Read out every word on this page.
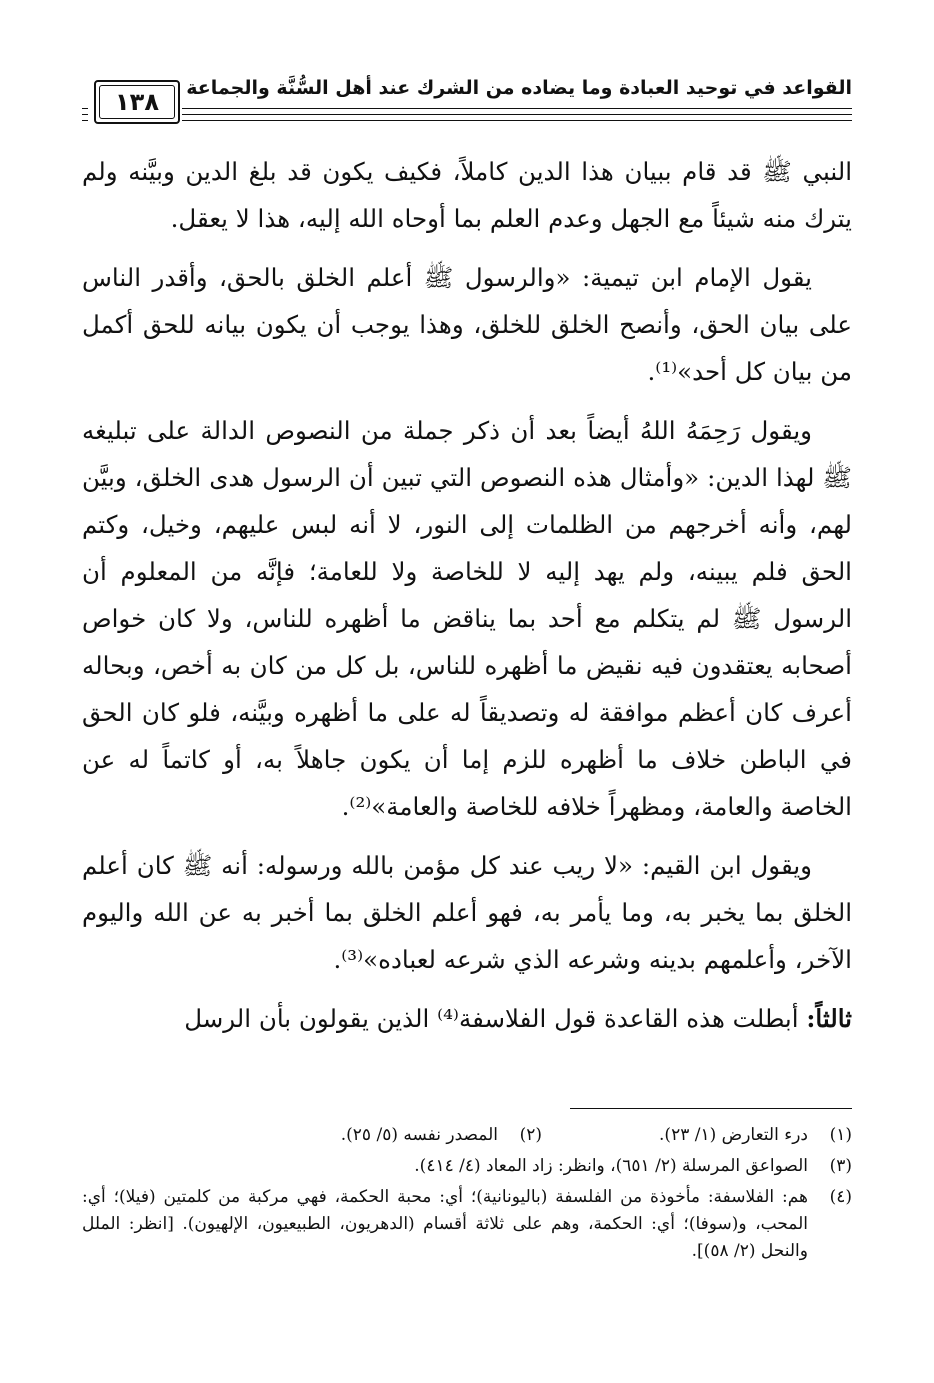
١٣٨	القواعد في توحيد العبادة وما يضاده من الشرك عند أهل السُّنَّة والجماعة

النبي ﷺ قد قام ببيان هذا الدين كاملاً، فكيف يكون قد بلغ الدين وبيَّنه ولم يترك منه شيئاً مع الجهل وعدم العلم بما أوحاه الله إليه، هذا لا يعقل.

يقول الإمام ابن تيمية: «والرسول ﷺ أعلم الخلق بالحق، وأقدر الناس على بيان الحق، وأنصح الخلق للخلق، وهذا يوجب أن يكون بيانه للحق أكمل من بيان كل أحد»⁽¹⁾.

ويقول رَحِمَهُ اللهُ أيضاً بعد أن ذكر جملة من النصوص الدالة على تبليغه ﷺ لهذا الدين: «وأمثال هذه النصوص التي تبين أن الرسول هدى الخلق، وبيَّن لهم، وأنه أخرجهم من الظلمات إلى النور، لا أنه لبس عليهم، وخيل، وكتم الحق فلم يبينه، ولم يهد إليه لا للخاصة ولا للعامة؛ فإنَّه من المعلوم أن الرسول ﷺ لم يتكلم مع أحد بما يناقض ما أظهره للناس، ولا كان خواص أصحابه يعتقدون فيه نقيض ما أظهره للناس، بل كل من كان به أخص، وبحاله أعرف كان أعظم موافقة له وتصديقاً له على ما أظهره وبيَّنه، فلو كان الحق في الباطن خلاف ما أظهره للزم إما أن يكون جاهلاً به، أو كاتماً له عن الخاصة والعامة، ومظهراً خلافه للخاصة والعامة»⁽²⁾.

ويقول ابن القيم: «لا ريب عند كل مؤمن بالله ورسوله: أنه ﷺ كان أعلم الخلق بما يخبر به، وما يأمر به، فهو أعلم الخلق بما أخبر به عن الله واليوم الآخر، وأعلمهم بدينه وشرعه الذي شرعه لعباده»⁽³⁾.

ثالثاً: أبطلت هذه القاعدة قول الفلاسفة⁽⁴⁾ الذين يقولون بأن الرسل

(١)
درء التعارض (١/ ٢٣).
(٢)
المصدر نفسه (٥/ ٢٥).
(٣)
الصواعق المرسلة (٢/ ٦٥١)، وانظر: زاد المعاد (٤/ ٤١٤).
(٤)
هم: الفلاسفة: مأخوذة من الفلسفة (باليونانية)؛ أي: محبة الحكمة، فهي مركبة من كلمتين (فيلا)؛ أي: المحب، و(سوفا)؛ أي: الحكمة، وهم على ثلاثة أقسام (الدهريون، الطبيعيون، الإلهيون). [انظر: الملل والنحل (٢/ ٥٨)].
